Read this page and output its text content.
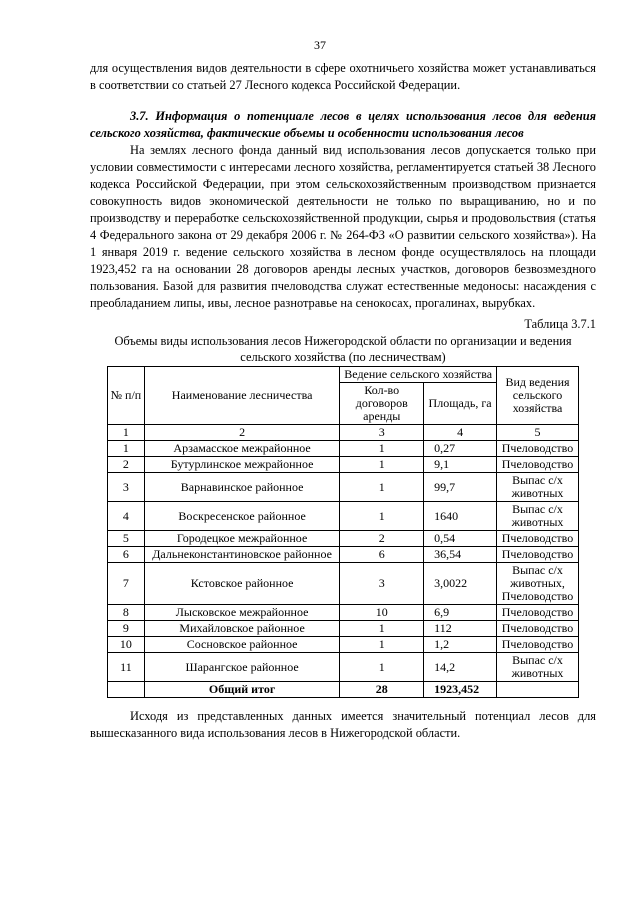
37

для осуществления видов деятельности в сфере охотничьего хозяйства может устанавливаться в соответствии со статьей 27 Лесного кодекса Российской Федерации.

3.7. Информация о потенциале лесов в целях использования лесов для ведения сельского хозяйства, фактические объемы и особенности использования лесов

На землях лесного фонда данный вид использования лесов допускается только при условии совместимости с интересами лесного хозяйства, регламентируется статьей 38 Лесного кодекса Российской Федерации, при этом сельскохозяйственным производством признается совокупность видов экономической деятельности не только по выращиванию, но и по производству и переработке сельскохозяйственной продукции, сырья и продовольствия (статья 4 Федерального закона от 29 декабря 2006 г. № 264-ФЗ «О развитии сельского хозяйства»). На 1 января 2019 г. ведение сельского хозяйства в лесном фонде осуществлялось на площади 1923,452 га на основании 28 договоров аренды лесных участков, договоров безвозмездного пользования. Базой для развития пчеловодства служат естественные медоносы: насаждения с преобладанием липы, ивы, лесное разнотравье на сенокосах, прогалинах, вырубках.

Таблица 3.7.1

Объемы виды использования лесов Нижегородской области по организации и ведения сельского хозяйства (по лесничествам)

№ п/п	Наименование лесничества	Ведение сельского хозяйства		Вид ведения сельского хозяйства
		Кол-во договоров аренды	Площадь, га	
1	2	3	4	5
1	Арзамасское межрайонное	1	0,27	Пчеловодство
2	Бутурлинское межрайонное	1	9,1	Пчеловодство
3	Варнавинское районное	1	99,7	Выпас с/х животных
4	Воскресенское районное	1	1640	Выпас с/х животных
5	Городецкое межрайонное	2	0,54	Пчеловодство
6	Дальнеконстантиновское районное	6	36,54	Пчеловодство
7	Кстовское районное	3	3,0022	Выпас с/х животных, Пчеловодство
8	Лысковское межрайонное	10	6,9	Пчеловодство
9	Михайловское районное	1	112	Пчеловодство
10	Сосновское районное	1	1,2	Пчеловодство
11	Шарангское районное	1	14,2	Выпас с/х животных
	Общий итог	28	1923,452	

Исходя из представленных данных имеется значительный потенциал лесов для вышесказанного вида использования лесов в Нижегородской области.
